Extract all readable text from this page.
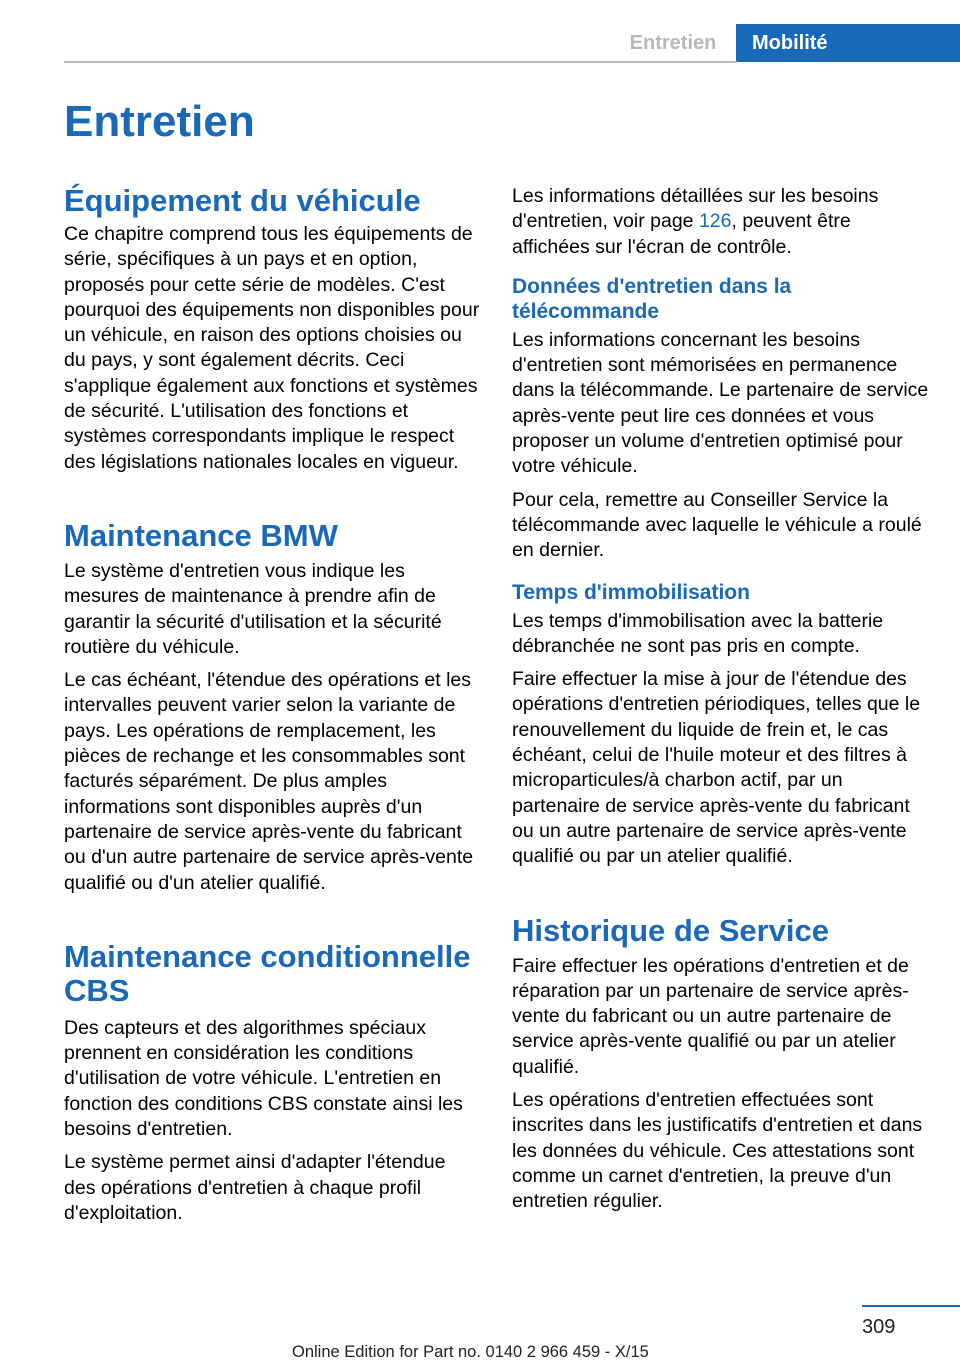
Entretien	Mobilité
Entretien
Équipement du véhicule

Ce chapitre comprend tous les équipements de série, spécifiques à un pays et en option, proposés pour cette série de modèles. C'est pourquoi des équipements non disponibles pour un véhicule, en raison des options choisies ou du pays, y sont également décrits. Ceci s'applique également aux fonctions et systèmes de sécurité. L'utilisation des fonctions et systèmes correspondants implique le respect des législations nationales locales en vigueur.

Maintenance BMW

Le système d'entretien vous indique les mesures de maintenance à prendre afin de garantir la sécurité d'utilisation et la sécurité routière du véhicule.

Le cas échéant, l'étendue des opérations et les intervalles peuvent varier selon la variante de pays. Les opérations de remplacement, les pièces de rechange et les consommables sont facturés séparément. De plus amples informations sont disponibles auprès d'un partenaire de service après-vente du fabricant ou d'un autre partenaire de service après-vente qualifié ou d'un atelier qualifié.

Maintenance conditionnelle CBS

Des capteurs et des algorithmes spéciaux prennent en considération les conditions d'utilisation de votre véhicule. L'entretien en fonction des conditions CBS constate ainsi les besoins d'entretien.

Le système permet ainsi d'adapter l'étendue des opérations d'entretien à chaque profil d'exploitation.

Les informations détaillées sur les besoins d'entretien, voir page 126, peuvent être affichées sur l'écran de contrôle.

Données d'entretien dans la télécommande

Les informations concernant les besoins d'entretien sont mémorisées en permanence dans la télécommande. Le partenaire de service après-vente peut lire ces données et vous proposer un volume d'entretien optimisé pour votre véhicule.

Pour cela, remettre au Conseiller Service la télécommande avec laquelle le véhicule a roulé en dernier.

Temps d'immobilisation

Les temps d'immobilisation avec la batterie débranchée ne sont pas pris en compte.

Faire effectuer la mise à jour de l'étendue des opérations d'entretien périodiques, telles que le renouvellement du liquide de frein et, le cas échéant, celui de l'huile moteur et des filtres à microparticules/à charbon actif, par un partenaire de service après-vente du fabricant ou un autre partenaire de service après-vente qualifié ou par un atelier qualifié.

Historique de Service

Faire effectuer les opérations d'entretien et de réparation par un partenaire de service après-vente du fabricant ou un autre partenaire de service après-vente qualifié ou par un atelier qualifié.

Les opérations d'entretien effectuées sont inscrites dans les justificatifs d'entretien et dans les données du véhicule. Ces attestations sont comme un carnet d'entretien, la preuve d'un entretien régulier.

309
Online Edition for Part no. 0140 2 966 459 - X/15
